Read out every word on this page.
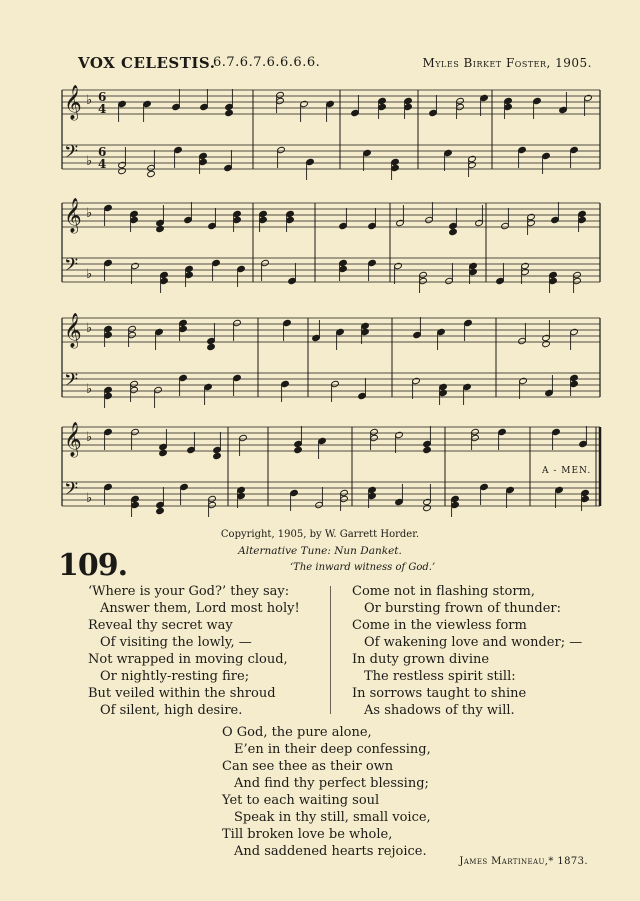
VOX CELESTIS.
6.7.6.7.6.6.6.6.	Myles Birket Foster, 1905.
𝄞 ♭ 6
4
𝄢 ♭
6
4
𝄞 ♭
𝄢 ♭
𝄞 ♭
𝄢 ♭
𝄞 ♭
𝄢 ♭
A - MEN.
Copyright, 1905, by W. Garrett Horder.
Alternative Tune: Nun Danket.
109.	‘The inward witness of God.’
‘Where is your God?’ they say:
Answer them, Lord most holy!
Reveal thy secret way
Of visiting the lowly, —
Not wrapped in moving cloud,
Or nightly-resting fire;
But veiled within the shroud
Of silent, high desire.
Come not in flashing storm,
Or bursting frown of thunder:
Come in the viewless form
Of wakening love and wonder; —
In duty grown divine
The restless spirit still:
In sorrows taught to shine
As shadows of thy will.
O God, the pure alone,
E’en in their deep confessing,
Can see thee as their own
And find thy perfect blessing;
Yet to each waiting soul
Speak in thy still, small voice,
Till broken love be whole,
And saddened hearts rejoice.
James Martineau,* 1873.
